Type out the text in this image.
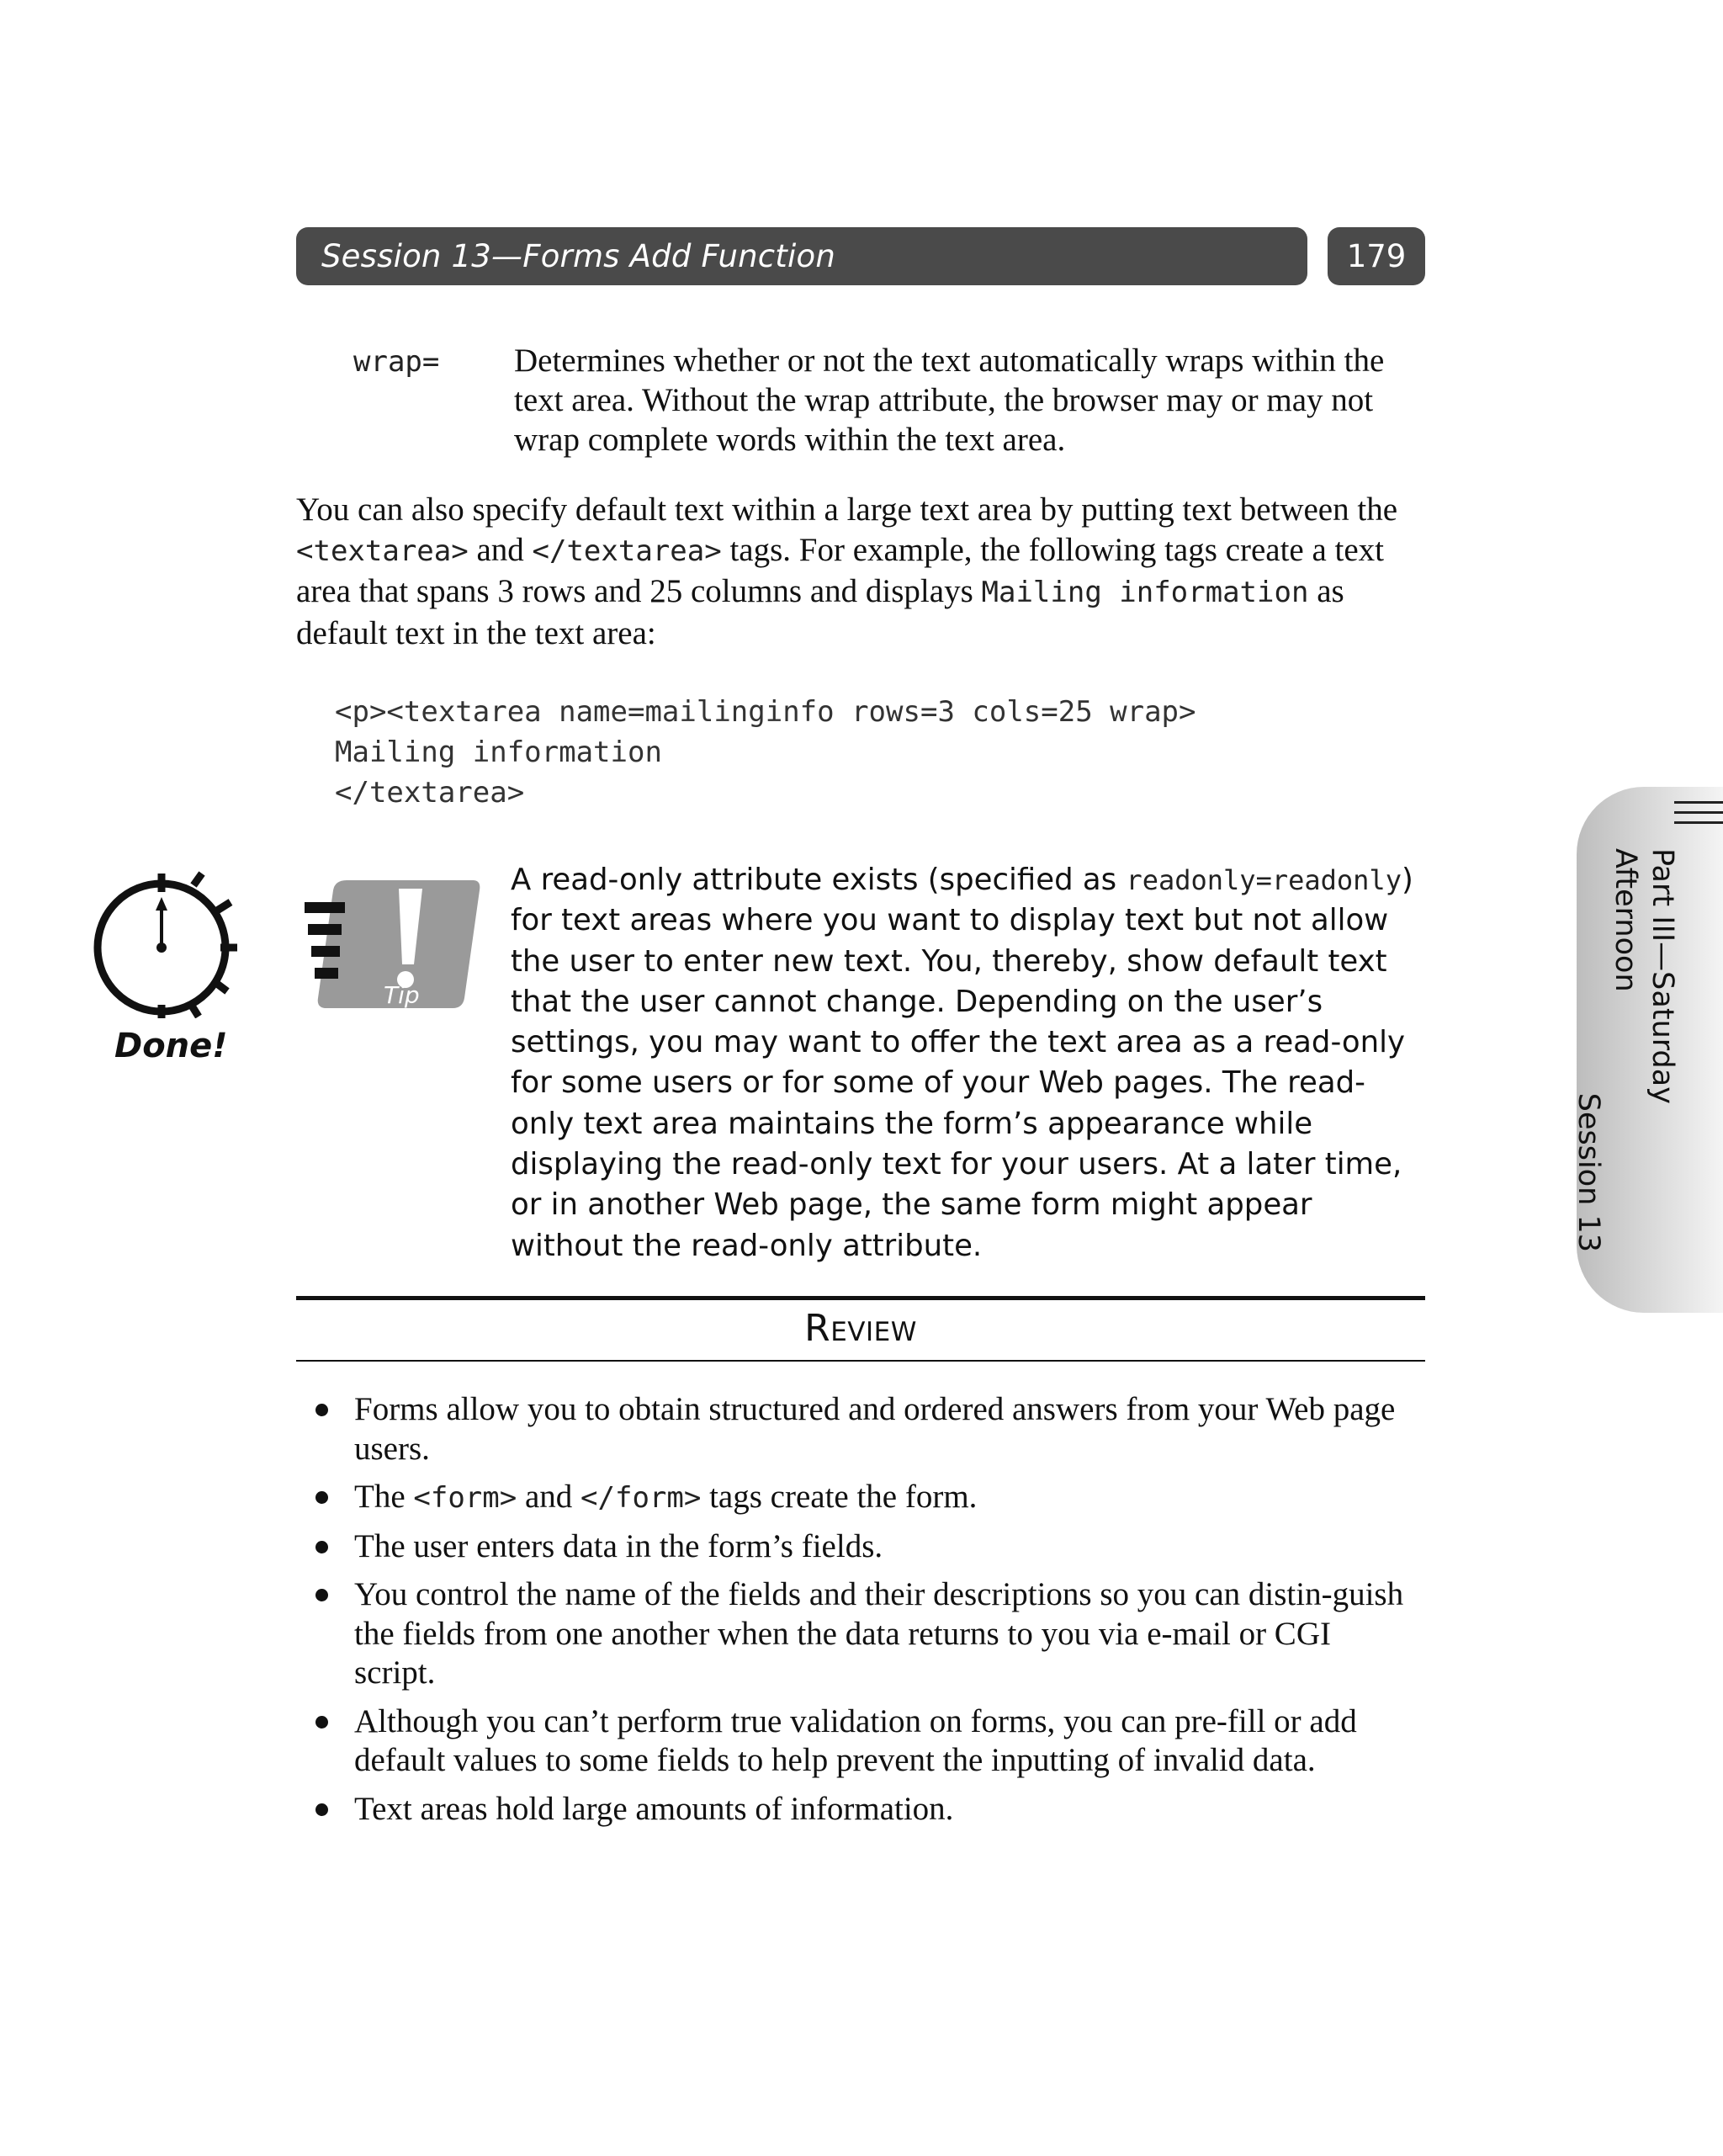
Session 13—Forms Add Function	179
wrap= Determines whether or not the text automatically wraps within the text area. Without the wrap attribute, the browser may or may not wrap complete words within the text area.
You can also specify default text within a large text area by putting text between the <textarea> and </textarea> tags. For example, the following tags create a text area that spans 3 rows and 25 columns and displays Mailing information as default text in the text area:
<p><textarea name=mailinginfo rows=3 cols=25 wrap>
Mailing information
</textarea>
Part III—Saturday Afternoon
Session 13
Done!
Tip
A read-only attribute exists (specified as readonly=readonly) for text areas where you want to display text but not allow the user to enter new text. You, thereby, show default text that the user cannot change. Depending on the user’s settings, you may want to offer the text area as a read-only for some users or for some of your Web pages. The read-only text area maintains the form’s appearance while displaying the read-only text for your users. At a later time, or in another Web page, the same form might appear without the read-only attribute.
Review
Forms allow you to obtain structured and ordered answers from your Web page users.
The <form> and </form> tags create the form.
The user enters data in the form’s fields.
You control the name of the fields and their descriptions so you can distin-guish the fields from one another when the data returns to you via e-mail or CGI script.
Although you can’t perform true validation on forms, you can pre-fill or add default values to some fields to help prevent the inputting of invalid data.
Text areas hold large amounts of information.
